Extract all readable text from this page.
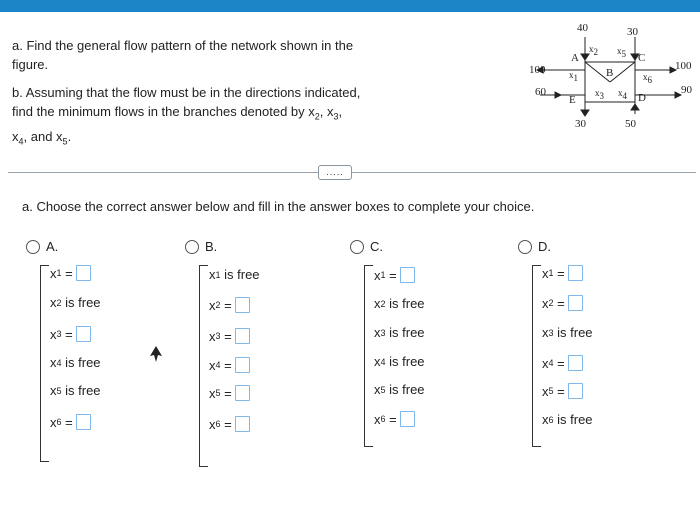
a. Find the general flow pattern of the network shown in the figure.
b. Assuming that the flow must be in the directions indicated, find the minimum flows in the branches denoted by $x_2$, $x_3$,
$x_4$, and $x_5$.
40	30
100
60
100
90
30	50
A
B
C
D
E
$x_2$ $x_5$
$x_1$
$x_3$ $x_4$
$x_6$
.....
a. Choose the correct answer below and fill in the answer boxes to complete your choice.
A.
x 1 =
x 2 is free
x 3 =
x 4 is free
x 5 is free
x 6 =
B.
x 1 is free
x 2 =
x 3 =
x 4 =
x 5 =
x 6 =
C.
x 1 =
x 2 is free
x 3 is free
x 4 is free
x 5 is free
x 6 =
D.
x 1 =
x 2 =
x 3 is free
x 4 =
x 5 =
x 6 is free
